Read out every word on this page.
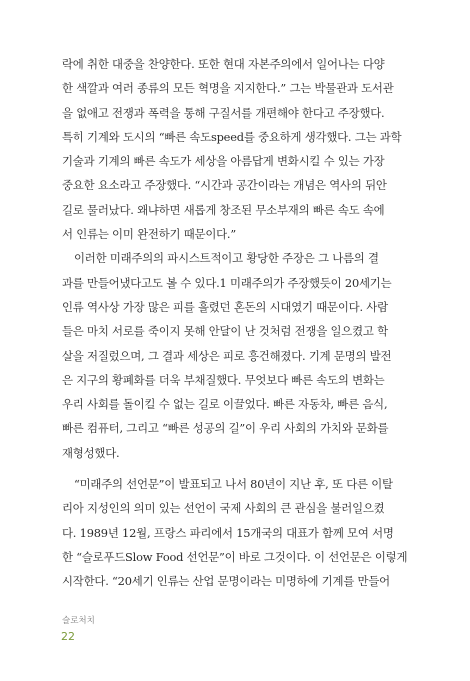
락에 취한 대중을 찬양한다. 또한 현대 자본주의에서 일어나는 다양
한 색깔과 여러 종류의 모든 혁명을 지지한다.” 그는 박물관과 도서관
을 없애고 전쟁과 폭력을 통해 구질서를 개편해야 한다고 주장했다.
특히 기계와 도시의 “빠른 속도speed를 중요하게 생각했다. 그는 과학
기술과 기계의 빠른 속도가 세상을 아름답게 변화시킬 수 있는 가장
중요한 요소라고 주장했다. “시간과 공간이라는 개념은 역사의 뒤안
길로 물러났다. 왜냐하면 새롭게 창조된 무소부재의 빠른 속도 속에
서 인류는 이미 완전하기 때문이다.”
이러한 미래주의의 파시스트적이고 황당한 주장은 그 나름의 결
과를 만들어냈다고도 볼 수 있다.1 미래주의가 주장했듯이 20세기는
인류 역사상 가장 많은 피를 흘렸던 혼돈의 시대였기 때문이다. 사람
들은 마치 서로를 죽이지 못해 안달이 난 것처럼 전쟁을 일으켰고 학
살을 저질렀으며, 그 결과 세상은 피로 흥건해졌다. 기계 문명의 발전
은 지구의 황폐화를 더욱 부채질했다. 무엇보다 빠른 속도의 변화는
우리 사회를 돌이킬 수 없는 길로 이끌었다. 빠른 자동차, 빠른 음식,
빠른 컴퓨터, 그리고 “빠른 성공의 길”이 우리 사회의 가치와 문화를
재형성했다.
“미래주의 선언문”이 발표되고 나서 80년이 지난 후, 또 다른 이탈
리아 지성인의 의미 있는 선언이 국제 사회의 큰 관심을 불러일으켰
다. 1989년 12월, 프랑스 파리에서 15개국의 대표가 함께 모여 서명
한 “슬로푸드Slow Food 선언문”이 바로 그것이다. 이 선언문은 이렇게
시작한다. “20세기 인류는 산업 문명이라는 미명하에 기계를 만들어
슬로처치
22
